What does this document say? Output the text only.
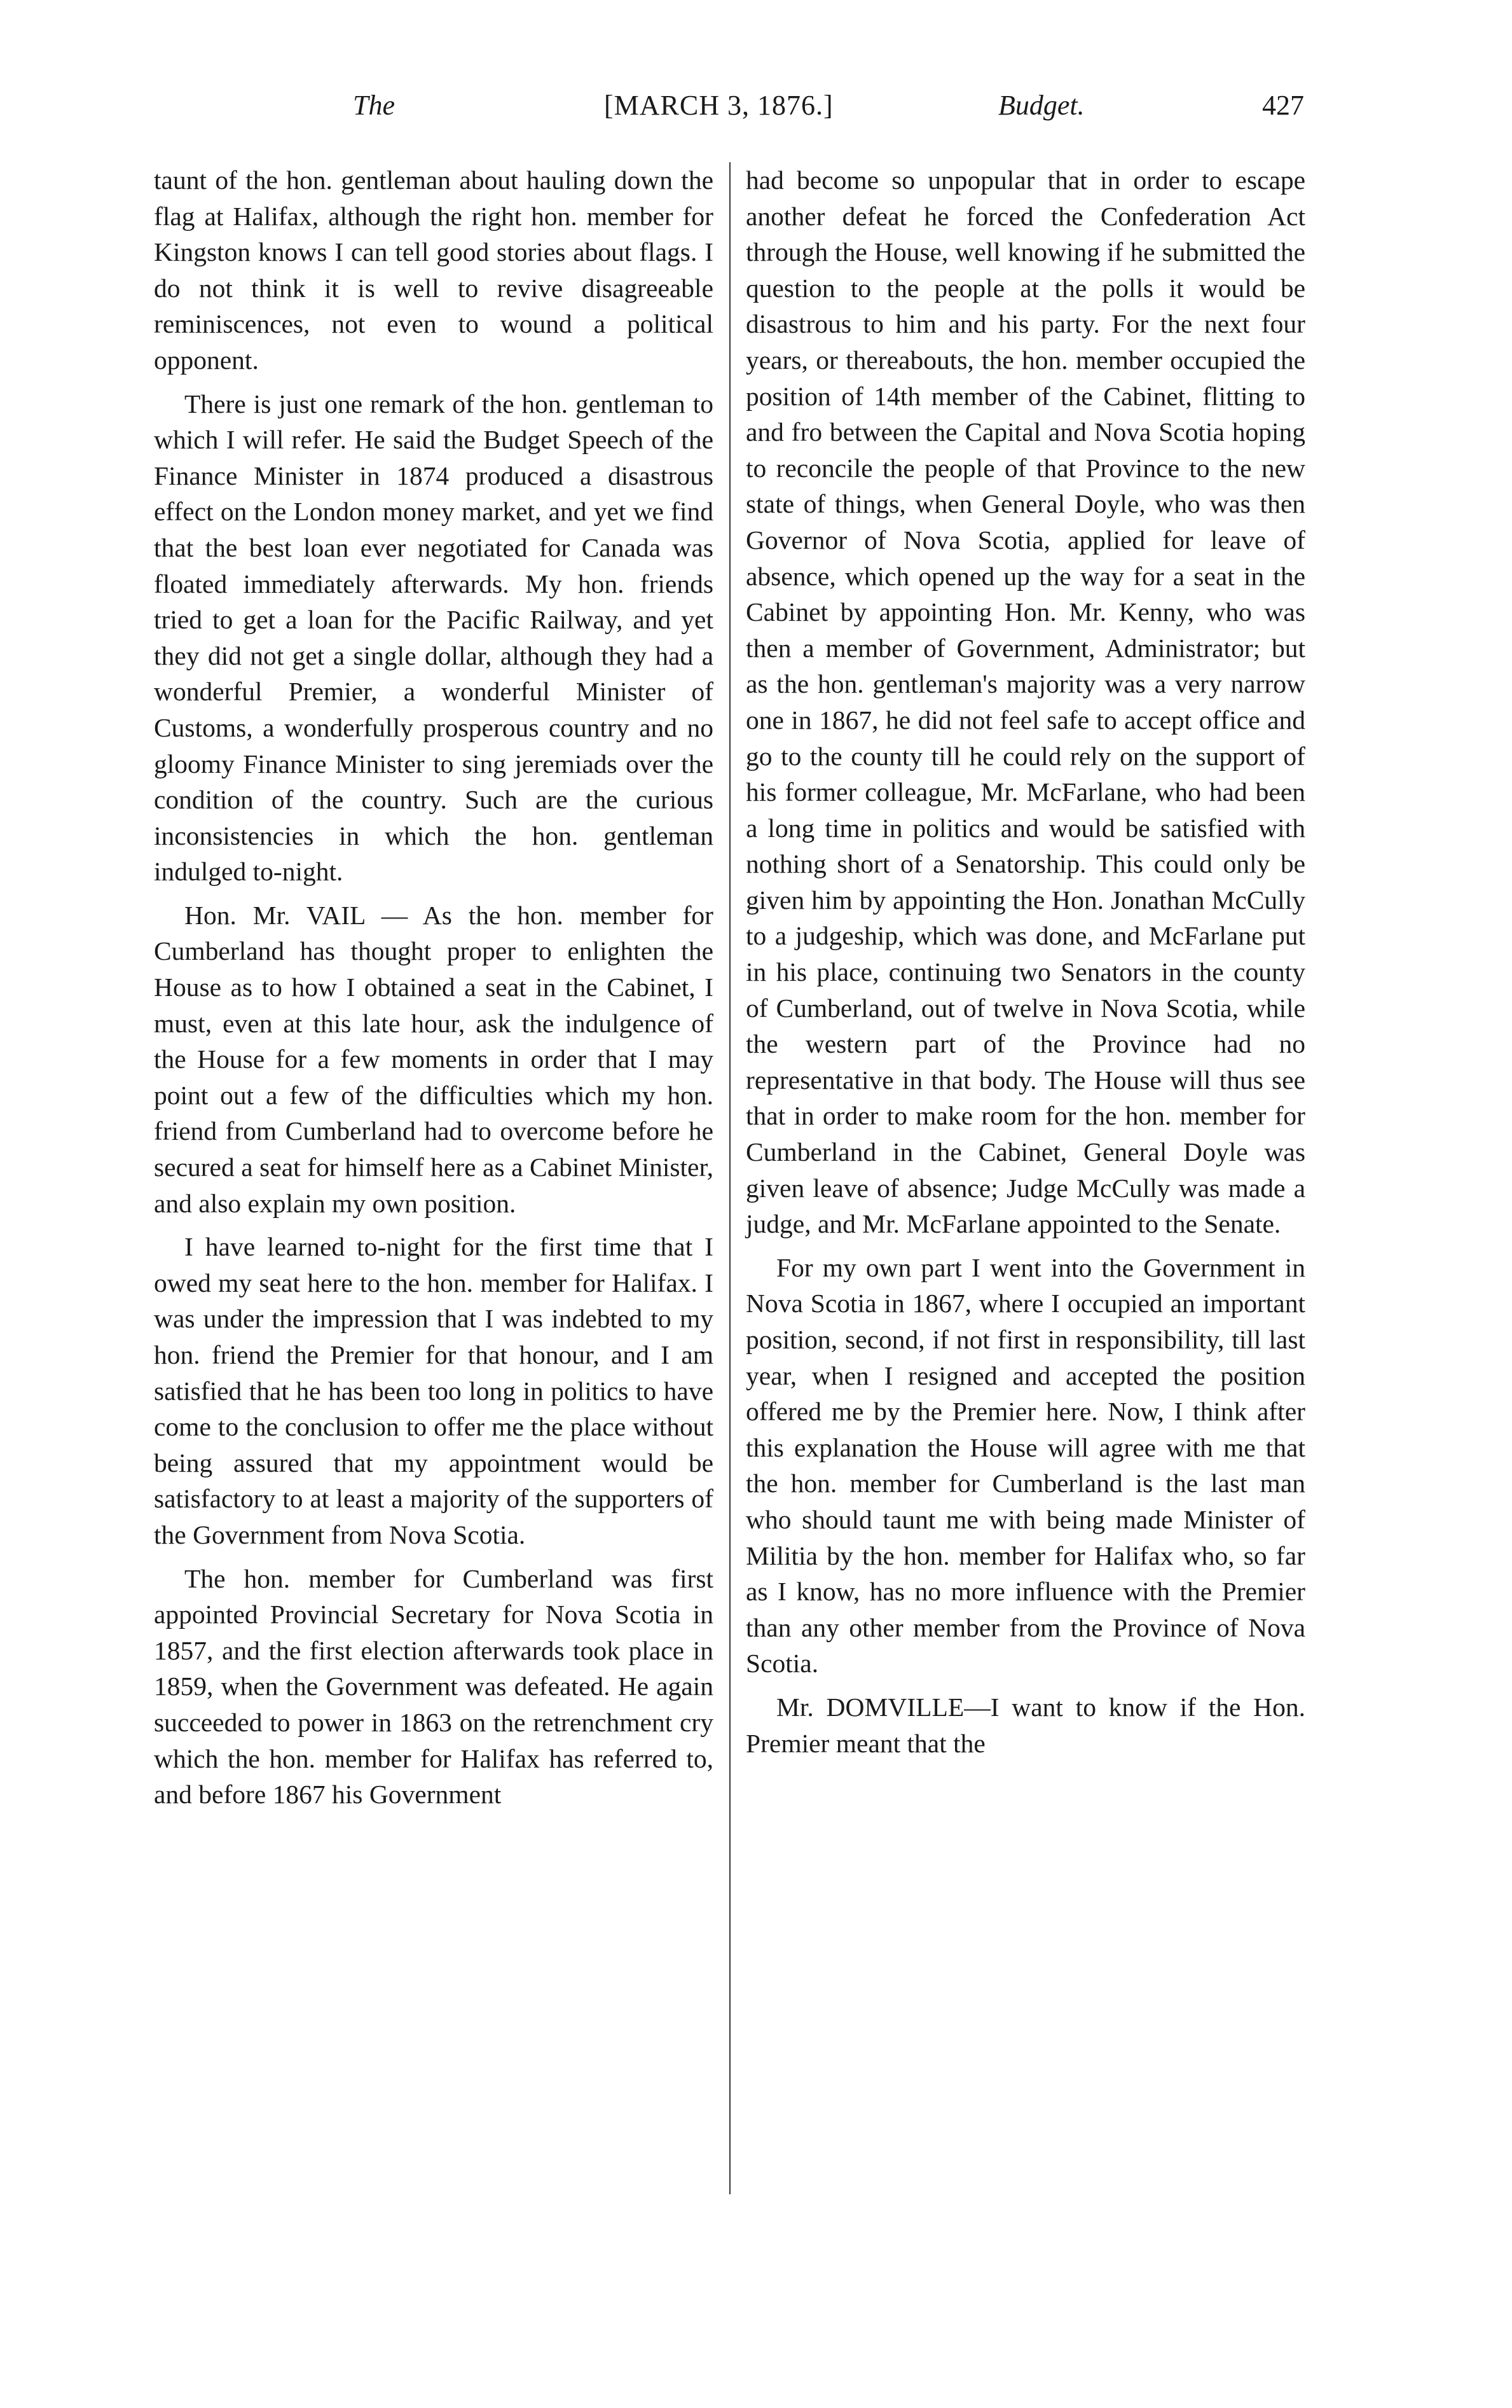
The	[MARCH 3, 1876.]	Budget.	427

taunt of the hon. gentleman about hauling down the flag at Halifax, although the right hon. member for Kingston knows I can tell good stories about flags. I do not think it is well to revive disagreeable reminiscences, not even to wound a political opponent.

There is just one remark of the hon. gentleman to which I will refer. He said the Budget Speech of the Finance Minister in 1874 produced a disastrous effect on the London money market, and yet we find that the best loan ever negotiated for Canada was floated immediately afterwards. My hon. friends tried to get a loan for the Pacific Railway, and yet they did not get a single dollar, although they had a wonderful Premier, a wonderful Minister of Customs, a wonderfully prosperous country and no gloomy Finance Minister to sing jeremiads over the condition of the country. Such are the curious inconsistencies in which the hon. gentleman indulged to-night.

Hon. Mr. VAIL — As the hon. member for Cumberland has thought proper to enlighten the House as to how I obtained a seat in the Cabinet, I must, even at this late hour, ask the indulgence of the House for a few moments in order that I may point out a few of the difficulties which my hon. friend from Cumberland had to overcome before he secured a seat for himself here as a Cabinet Minister, and also explain my own position.

I have learned to-night for the first time that I owed my seat here to the hon. member for Halifax. I was under the impression that I was indebted to my hon. friend the Premier for that honour, and I am satisfied that he has been too long in politics to have come to the conclusion to offer me the place without being assured that my appointment would be satisfactory to at least a majority of the supporters of the Government from Nova Scotia.

The hon. member for Cumberland was first appointed Provincial Secretary for Nova Scotia in 1857, and the first election afterwards took place in 1859, when the Government was defeated. He again succeeded to power in 1863 on the retrenchment cry which the hon. member for Halifax has referred to, and before 1867 his Government

had become so unpopular that in order to escape another defeat he forced the Confederation Act through the House, well knowing if he submitted the question to the people at the polls it would be disastrous to him and his party. For the next four years, or thereabouts, the hon. member occupied the position of 14th member of the Cabinet, flitting to and fro between the Capital and Nova Scotia hoping to reconcile the people of that Province to the new state of things, when General Doyle, who was then Governor of Nova Scotia, applied for leave of absence, which opened up the way for a seat in the Cabinet by appointing Hon. Mr. Kenny, who was then a member of Government, Administrator; but as the hon. gentleman's majority was a very narrow one in 1867, he did not feel safe to accept office and go to the county till he could rely on the support of his former colleague, Mr. McFarlane, who had been a long time in politics and would be satisfied with nothing short of a Senatorship. This could only be given him by appointing the Hon. Jonathan McCully to a judgeship, which was done, and McFarlane put in his place, continuing two Senators in the county of Cumberland, out of twelve in Nova Scotia, while the western part of the Province had no representative in that body. The House will thus see that in order to make room for the hon. member for Cumberland in the Cabinet, General Doyle was given leave of absence; Judge McCully was made a judge, and Mr. McFarlane appointed to the Senate.

For my own part I went into the Government in Nova Scotia in 1867, where I occupied an important position, second, if not first in responsibility, till last year, when I resigned and accepted the position offered me by the Premier here. Now, I think after this explanation the House will agree with me that the hon. member for Cumberland is the last man who should taunt me with being made Minister of Militia by the hon. member for Halifax who, so far as I know, has no more influence with the Premier than any other member from the Province of Nova Scotia.

Mr. DOMVILLE—I want to know if the Hon. Premier meant that the
